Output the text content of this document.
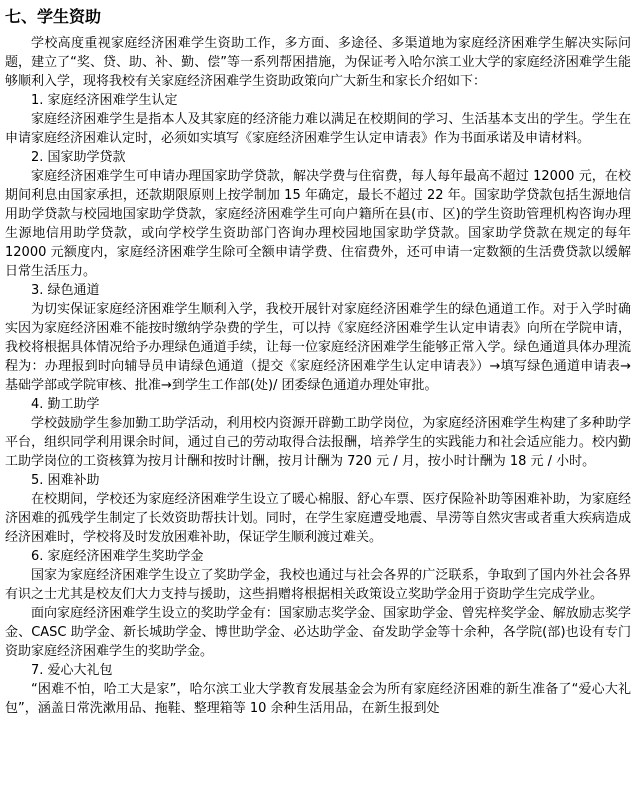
七、学生资助

学校高度重视家庭经济困难学生资助工作，多方面、多途径、多渠道地为家庭经济困难学生解决实际问题，建立了“奖、贷、助、补、勤、偿”等一系列帮困措施，为保证考入哈尔滨工业大学的家庭经济困难学生能够顺利入学，现将我校有关家庭经济困难学生资助政策向广大新生和家长介绍如下：

1. 家庭经济困难学生认定

家庭经济困难学生是指本人及其家庭的经济能力难以满足在校期间的学习、生活基本支出的学生。学生在申请家庭经济困难认定时，必须如实填写《家庭经济困难学生认定申请表》作为书面承诺及申请材料。

2. 国家助学贷款

家庭经济困难学生可申请办理国家助学贷款，解决学费与住宿费，每人每年最高不超过 12000 元，在校期间利息由国家承担，还款期限原则上按学制加 15 年确定，最长不超过 22 年。国家助学贷款包括生源地信用助学贷款与校园地国家助学贷款，家庭经济困难学生可向户籍所在县(市、区)的学生资助管理机构咨询办理生源地信用助学贷款，或向学校学生资助部门咨询办理校园地国家助学贷款。国家助学贷款在规定的每年 12000 元额度内，家庭经济困难学生除可全额申请学费、住宿费外，还可申请一定数额的生活费贷款以缓解日常生活压力。

3. 绿色通道

为切实保证家庭经济困难学生顺利入学，我校开展针对家庭经济困难学生的绿色通道工作。对于入学时确实因为家庭经济困难不能按时缴纳学杂费的学生，可以持《家庭经济困难学生认定申请表》向所在学院申请，我校将根据具体情况给予办理绿色通道手续，让每一位家庭经济困难学生能够正常入学。绿色通道具体办理流程为：办理报到时向辅导员申请绿色通道（提交《家庭经济困难学生认定申请表》）→填写绿色通道申请表→基础学部或学院审核、批准→到学生工作部(处)/ 团委绿色通道办理处审批。

4. 勤工助学

学校鼓励学生参加勤工助学活动，利用校内资源开辟勤工助学岗位，为家庭经济困难学生构建了多种助学平台，组织同学利用课余时间，通过自己的劳动取得合法报酬，培养学生的实践能力和社会适应能力。校内勤工助学岗位的工资核算为按月计酬和按时计酬，按月计酬为 720 元 / 月，按小时计酬为 18 元 / 小时。

5. 困难补助

在校期间，学校还为家庭经济困难学生设立了暖心棉服、舒心车票、医疗保险补助等困难补助，为家庭经济困难的孤残学生制定了长效资助帮扶计划。同时，在学生家庭遭受地震、旱涝等自然灾害或者重大疾病造成经济困难时，学校将及时发放困难补助，保证学生顺利渡过难关。

6. 家庭经济困难学生奖助学金

国家为家庭经济困难学生设立了奖助学金，我校也通过与社会各界的广泛联系，争取到了国内外社会各界有识之士尤其是校友们大力支持与援助，这些捐赠将根据相关政策设立奖助学金用于资助学生完成学业。

面向家庭经济困难学生设立的奖助学金有：国家励志奖学金、国家助学金、曾宪梓奖学金、解放励志奖学金、CASC 助学金、新长城助学金、博世助学金、必达助学金、奋发助学金等十余种，各学院(部)也设有专门资助家庭经济困难学生的奖助学金。

7. 爱心大礼包

“困难不怕，哈工大是家”，哈尔滨工业大学教育发展基金会为所有家庭经济困难的新生准备了“爱心大礼包”，涵盖日常洗漱用品、拖鞋、整理箱等 10 余种生活用品，在新生报到处
